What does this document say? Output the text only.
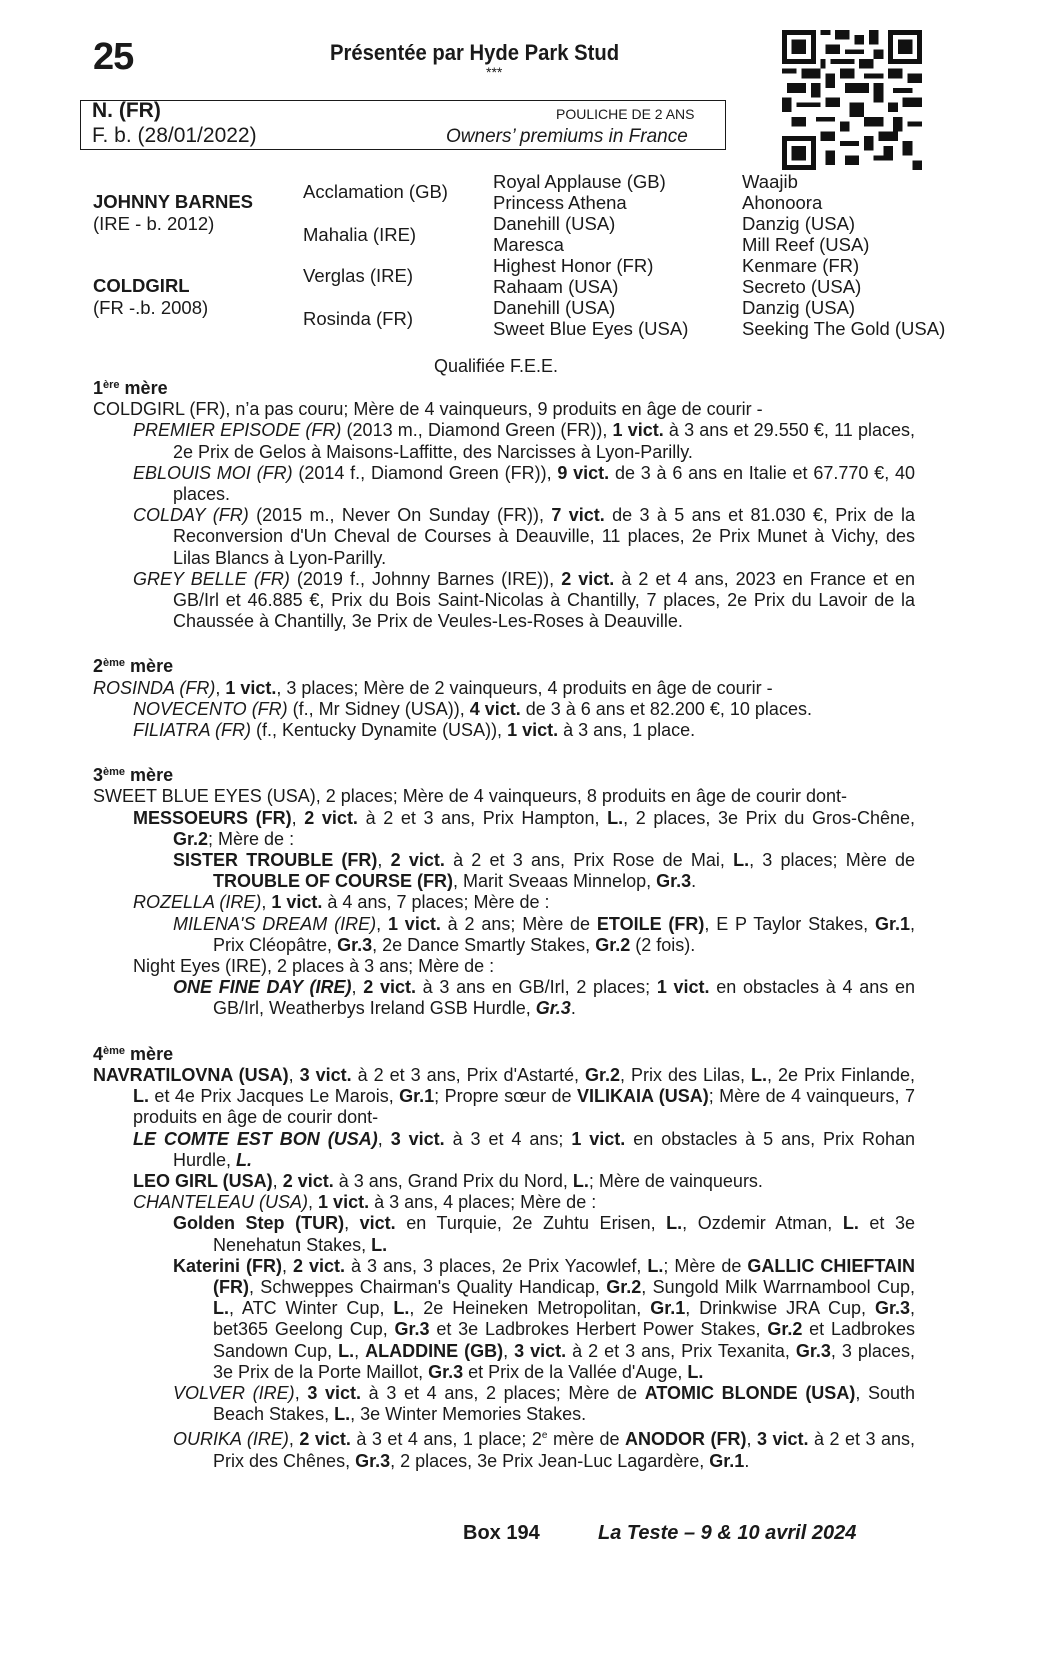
25	Présentée par Hyde Park Stud
***
N. (FR)
F. b. (28/01/2022)
POULICHE DE 2 ANS
Owners’ premiums in France
JOHNNY BARNES
(IRE - b. 2012)
COLDGIRL
(FR -.b. 2008)
Acclamation (GB)
Mahalia (IRE)
Verglas (IRE)
Rosinda (FR)
Royal Applause (GB)
Princess Athena
Danehill (USA)
Maresca
Highest Honor (FR)
Rahaam (USA)
Danehill (USA)
Sweet Blue Eyes (USA)
Waajib
Ahonoora
Danzig (USA)
Mill Reef (USA)
Kenmare (FR)
Secreto (USA)
Danzig (USA)
Seeking The Gold (USA)
Qualifiée F.E.E.
1ère mère
COLDGIRL (FR), n’a pas couru; Mère de 4 vainqueurs, 9 produits en âge de courir -
PREMIER EPISODE (FR) (2013 m., Diamond Green (FR)), 1 vict. à 3 ans et 29.550 €, 11 places, 2e Prix de Gelos à Maisons-Laffitte, des Narcisses à Lyon-Parilly.
EBLOUIS MOI (FR) (2014 f., Diamond Green (FR)), 9 vict. de 3 à 6 ans en Italie et 67.770 €, 40 places.
COLDAY (FR) (2015 m., Never On Sunday (FR)), 7 vict. de 3 à 5 ans et 81.030 €, Prix de la Reconversion d'Un Cheval de Courses à Deauville, 11 places, 2e Prix Munet à Vichy, des Lilas Blancs à Lyon-Parilly.
GREY BELLE (FR) (2019 f., Johnny Barnes (IRE)), 2 vict. à 2 et 4 ans, 2023 en France et en GB/Irl et 46.885 €, Prix du Bois Saint-Nicolas à Chantilly, 7 places, 2e Prix du Lavoir de la Chaussée à Chantilly, 3e Prix de Veules-Les-Roses à Deauville.
2ème mère
ROSINDA (FR), 1 vict., 3 places; Mère de 2 vainqueurs, 4 produits en âge de courir -
NOVECENTO (FR) (f., Mr Sidney (USA)), 4 vict. de 3 à 6 ans et 82.200 €, 10 places.
FILIATRA (FR) (f., Kentucky Dynamite (USA)), 1 vict. à 3 ans, 1 place.
3ème mère
SWEET BLUE EYES (USA), 2 places; Mère de 4 vainqueurs, 8 produits en âge de courir dont-
MESSOEURS (FR), 2 vict. à 2 et 3 ans, Prix Hampton, L., 2 places, 3e Prix du Gros-Chêne, Gr.2; Mère de :
SISTER TROUBLE (FR), 2 vict. à 2 et 3 ans, Prix Rose de Mai, L., 3 places; Mère de TROUBLE OF COURSE (FR), Marit Sveaas Minnelop, Gr.3.
ROZELLA (IRE), 1 vict. à 4 ans, 7 places; Mère de :
MILENA'S DREAM (IRE), 1 vict. à 2 ans; Mère de ETOILE (FR), E P Taylor Stakes, Gr.1, Prix Cléopâtre, Gr.3, 2e Dance Smartly Stakes, Gr.2 (2 fois).
Night Eyes (IRE), 2 places à 3 ans; Mère de :
ONE FINE DAY (IRE), 2 vict. à 3 ans en GB/Irl, 2 places; 1 vict. en obstacles à 4 ans en GB/Irl, Weatherbys Ireland GSB Hurdle, Gr.3.
4ème mère
NAVRATILOVNA (USA), 3 vict. à 2 et 3 ans, Prix d'Astarté, Gr.2, Prix des Lilas, L., 2e Prix Finlande, L. et 4e Prix Jacques Le Marois, Gr.1; Propre sœur de VILIKAIA (USA); Mère de 4 vainqueurs, 7 produits en âge de courir dont-
LE COMTE EST BON (USA), 3 vict. à 3 et 4 ans; 1 vict. en obstacles à 5 ans, Prix Rohan Hurdle, L.
LEO GIRL (USA), 2 vict. à 3 ans, Grand Prix du Nord, L.; Mère de vainqueurs.
CHANTELEAU (USA), 1 vict. à 3 ans, 4 places; Mère de :
Golden Step (TUR), vict. en Turquie, 2e Zuhtu Erisen, L., Ozdemir Atman, L. et 3e Nenehatun Stakes, L.
Katerini (FR), 2 vict. à 3 ans, 3 places, 2e Prix Yacowlef, L.; Mère de GALLIC CHIEFTAIN (FR), Schweppes Chairman's Quality Handicap, Gr.2, Sungold Milk Warrnambool Cup, L., ATC Winter Cup, L., 2e Heineken Metropolitan, Gr.1, Drinkwise JRA Cup, Gr.3, bet365 Geelong Cup, Gr.3 et 3e Ladbrokes Herbert Power Stakes, Gr.2 et Ladbrokes Sandown Cup, L., ALADDINE (GB), 3 vict. à 2 et 3 ans, Prix Texanita, Gr.3, 3 places, 3e Prix de la Porte Maillot, Gr.3 et Prix de la Vallée d'Auge, L.
VOLVER (IRE), 3 vict. à 3 et 4 ans, 2 places; Mère de ATOMIC BLONDE (USA), South Beach Stakes, L., 3e Winter Memories Stakes.
OURIKA (IRE), 2 vict. à 3 et 4 ans, 1 place; 2e mère de ANODOR (FR), 3 vict. à 2 et 3 ans, Prix des Chênes, Gr.3, 2 places, 3e Prix Jean-Luc Lagardère, Gr.1.
Box 194	La Teste – 9 & 10 avril 2024
